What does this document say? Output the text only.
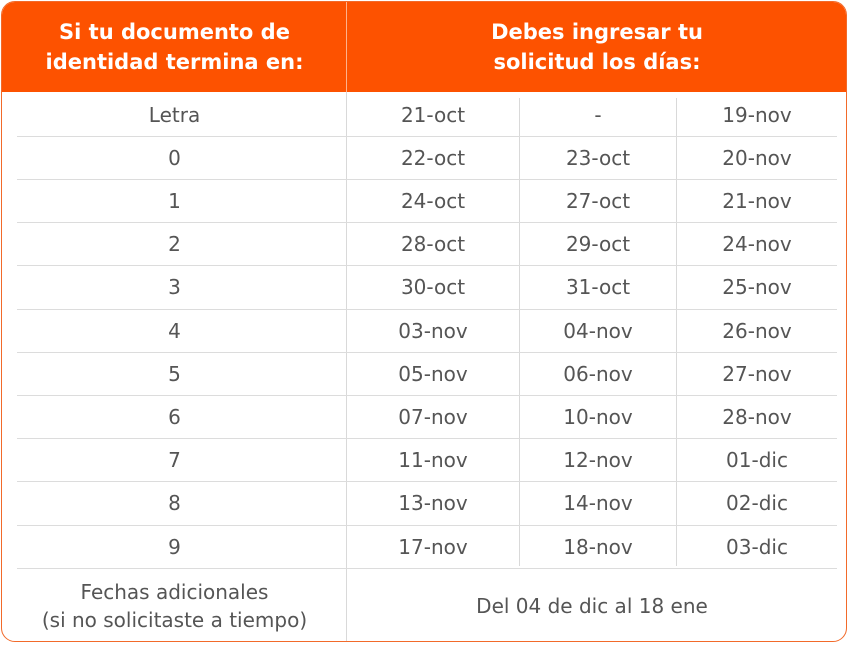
Si tu documento de
identidad termina en:
Debes ingresar tu
solicitud los días:
Letra	21-oct	-	19-nov
0	22-oct	23-oct	20-nov
1	24-oct	27-oct	21-nov
2	28-oct	29-oct	24-nov
3	30-oct	31-oct	25-nov
4	03-nov	04-nov	26-nov
5	05-nov	06-nov	27-nov
6	07-nov	10-nov	28-nov
7	11-nov	12-nov	01-dic
8	13-nov	14-nov	02-dic
9	17-nov	18-nov	03-dic
Fechas adicionales
(si no solicitaste a tiempo)
Del 04 de dic al 18 ene
